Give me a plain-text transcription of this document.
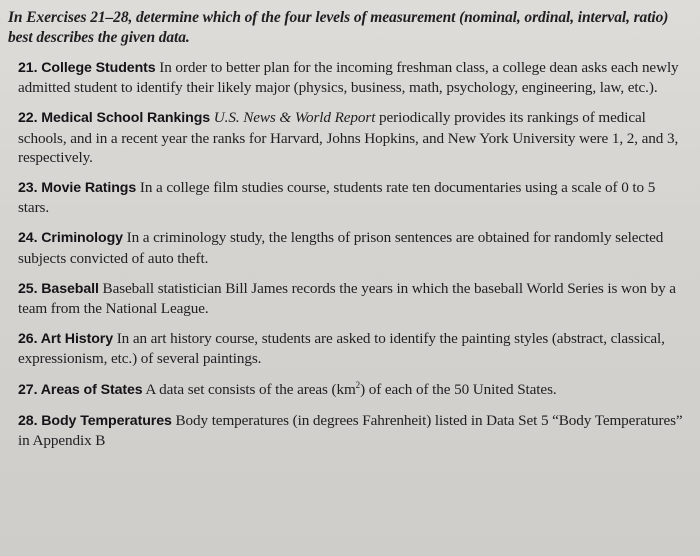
In Exercises 21–28, determine which of the four levels of measurement (nominal, ordinal, interval, ratio) best describes the given data.
21. College Students In order to better plan for the incoming freshman class, a college dean asks each newly admitted student to identify their likely major (physics, business, math, psychology, engineering, law, etc.).
22. Medical School Rankings U.S. News & World Report periodically provides its rankings of medical schools, and in a recent year the ranks for Harvard, Johns Hopkins, and New York University were 1, 2, and 3, respectively.
23. Movie Ratings In a college film studies course, students rate ten documentaries using a scale of 0 to 5 stars.
24. Criminology In a criminology study, the lengths of prison sentences are obtained for randomly selected subjects convicted of auto theft.
25. Baseball Baseball statistician Bill James records the years in which the baseball World Series is won by a team from the National League.
26. Art History In an art history course, students are asked to identify the painting styles (abstract, classical, expressionism, etc.) of several paintings.
27. Areas of States A data set consists of the areas $(km^2)$ of each of the 50 United States.
28. Body Temperatures Body temperatures (in degrees Fahrenheit) listed in Data Set 5 “Body Temperatures” in Appendix B
